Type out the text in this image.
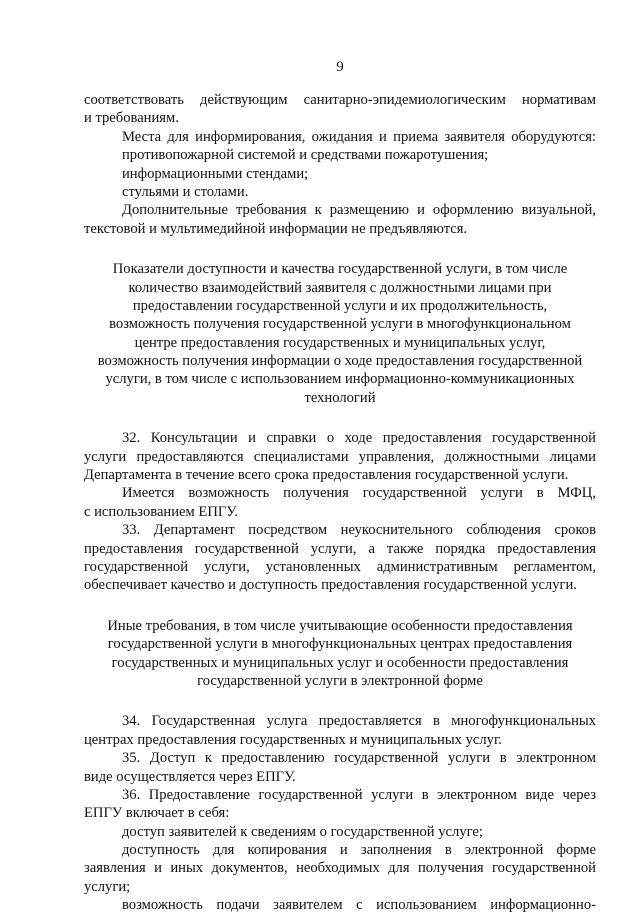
9
соответствовать действующим санитарно-эпидемиологическим нормативам
и требованиям.
Места для информирования, ожидания и приема заявителя оборудуются:
противопожарной системой и средствами пожаротушения;
информационными стендами;
стульями и столами.
Дополнительные требования к размещению и оформлению визуальной,
текстовой и мультимедийной информации не предъявляются.
Показатели доступности и качества государственной услуги, в том числе
количество взаимодействий заявителя с должностными лицами при
предоставлении государственной услуги и их продолжительность,
возможность получения государственной услуги в многофункциональном
центре предоставления государственных и муниципальных услуг,
возможность получения информации о ходе предоставления государственной
услуги, в том числе с использованием информационно-коммуникационных
технологий
32. Консультации и справки о ходе предоставления государственной
услуги предоставляются специалистами управления, должностными лицами
Департамента в течение всего срока предоставления государственной услуги.
Имеется возможность получения государственной услуги в МФЦ,
с использованием ЕПГУ.
33. Департамент посредством неукоснительного соблюдения сроков
предоставления государственной услуги, а также порядка предоставления
государственной услуги, установленных административным регламентом,
обеспечивает качество и доступность предоставления государственной услуги.
Иные требования, в том числе учитывающие особенности предоставления
государственной услуги в многофункциональных центрах предоставления
государственных и муниципальных услуг и особенности предоставления
государственной услуги в электронной форме
34. Государственная услуга предоставляется в многофункциональных
центрах предоставления государственных и муниципальных услуг.
35. Доступ к предоставлению государственной услуги в электронном
виде осуществляется через ЕПГУ.
36. Предоставление государственной услуги в электронном виде через
ЕПГУ включает в себя:
доступ заявителей к сведениям о государственной услуге;
доступность для копирования и заполнения в электронной форме
заявления и иных документов, необходимых для получения государственной
услуги;
возможность подачи заявителем с использованием информационно-
